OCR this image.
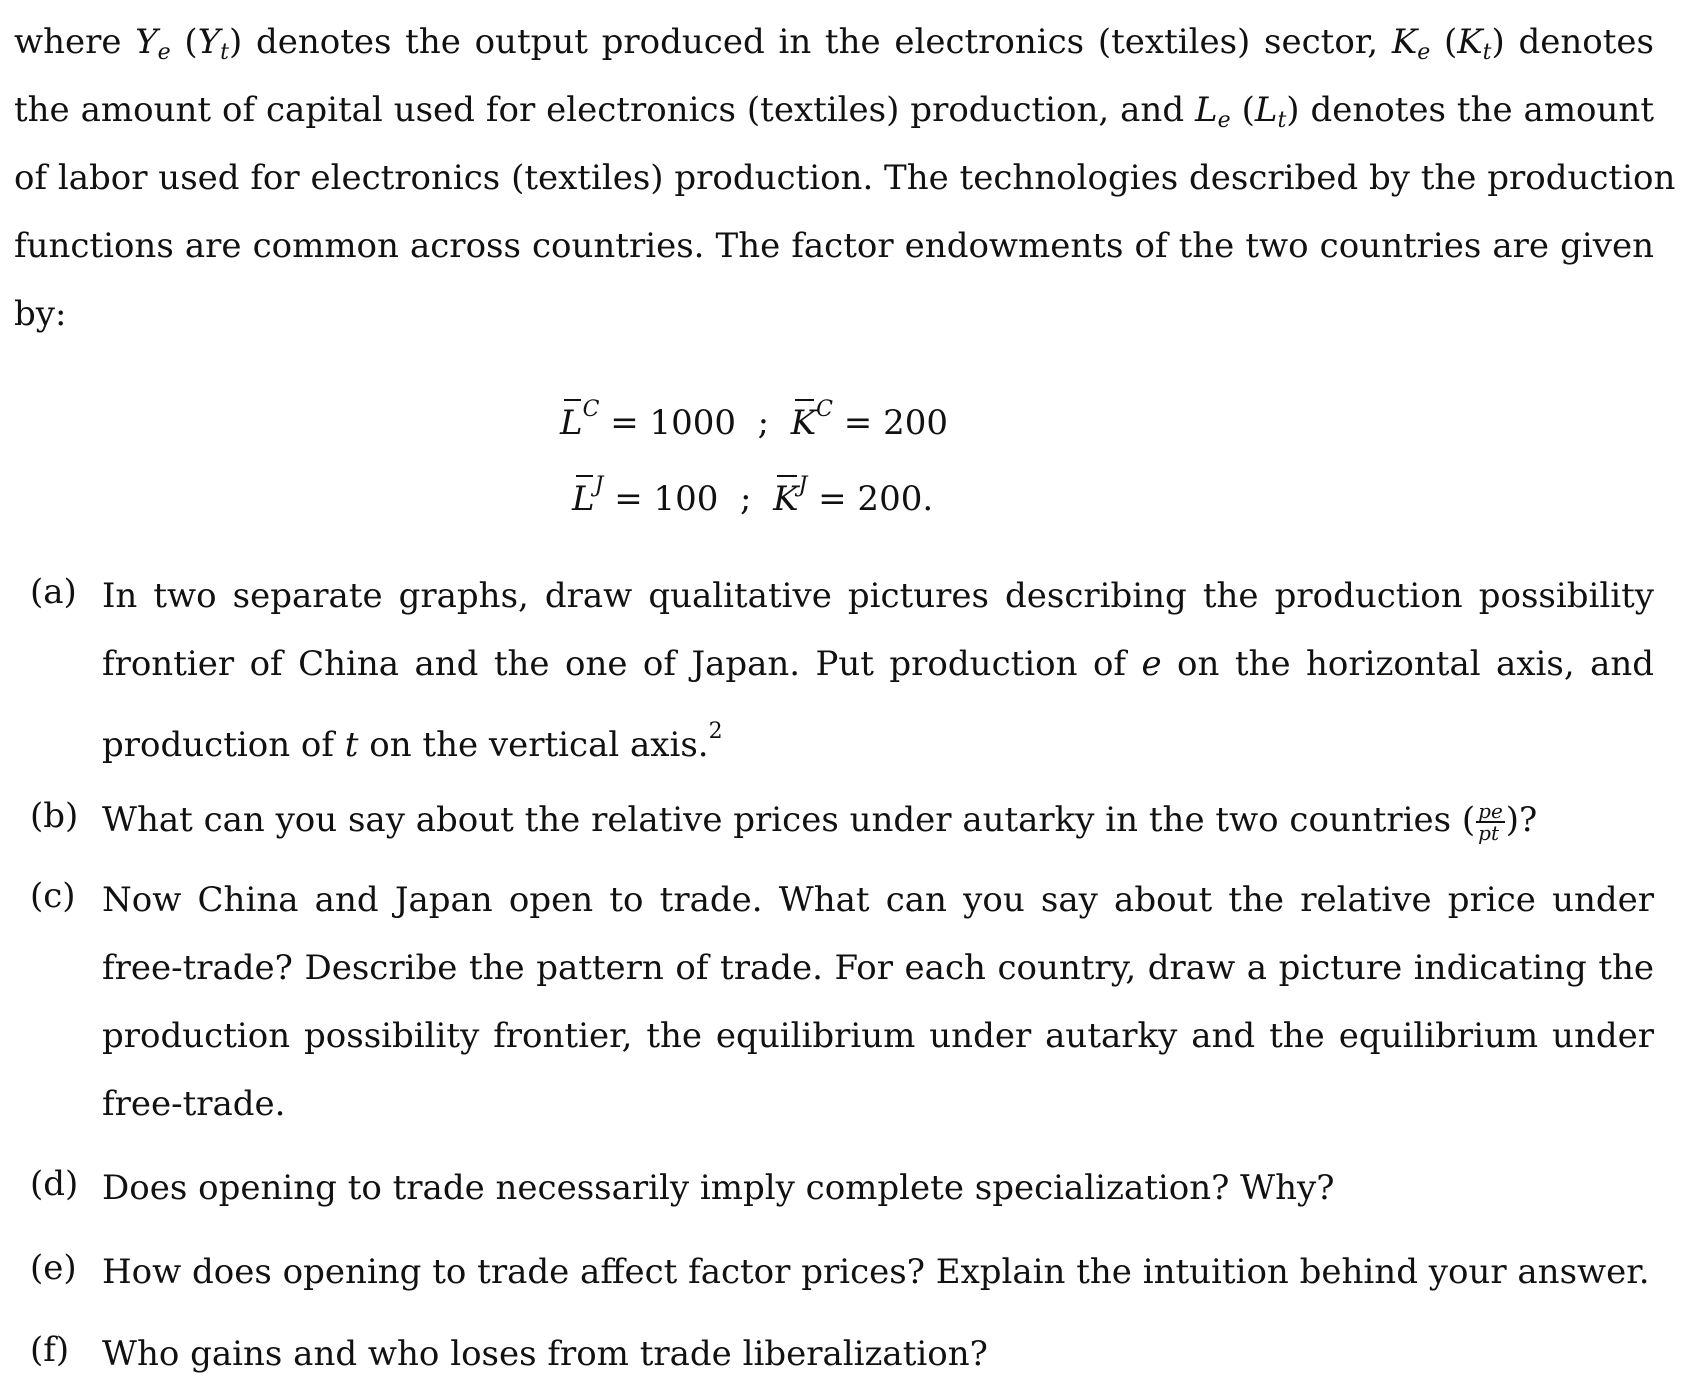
where $Y_e$ $(Y_t)$ denotes the output produced in the electronics (textiles) sector, $K_e$ $(K_t)$ denotes
the amount of capital used for electronics (textiles) production, and $L_e$ $(L_t)$ denotes the amount
of labor used for electronics (textiles) production. The technologies described by the production
functions are common across countries. The factor endowments of the two countries are given
by:
$L^C = 1000$  ;  $K^C = 200$
$L^J = 100$  ;  $K^J = 200$.
(a) In two separate graphs, draw qualitative pictures describing the production possibility
frontier of China and the one of Japan. Put production of e on the horizontal axis, and
production of t on the vertical axis.$^2$
(b) What can you say about the relative prices under autarky in the two countries ( $\frac{pe}{pt}$ )?
(c) Now China and Japan open to trade. What can you say about the relative price under
free-trade? Describe the pattern of trade. For each country, draw a picture indicating the
production possibility frontier, the equilibrium under autarky and the equilibrium under
free-trade.
(d) Does opening to trade necessarily imply complete specialization? Why?
(e) How does opening to trade affect factor prices? Explain the intuition behind your answer.
(f) Who gains and who loses from trade liberalization?
